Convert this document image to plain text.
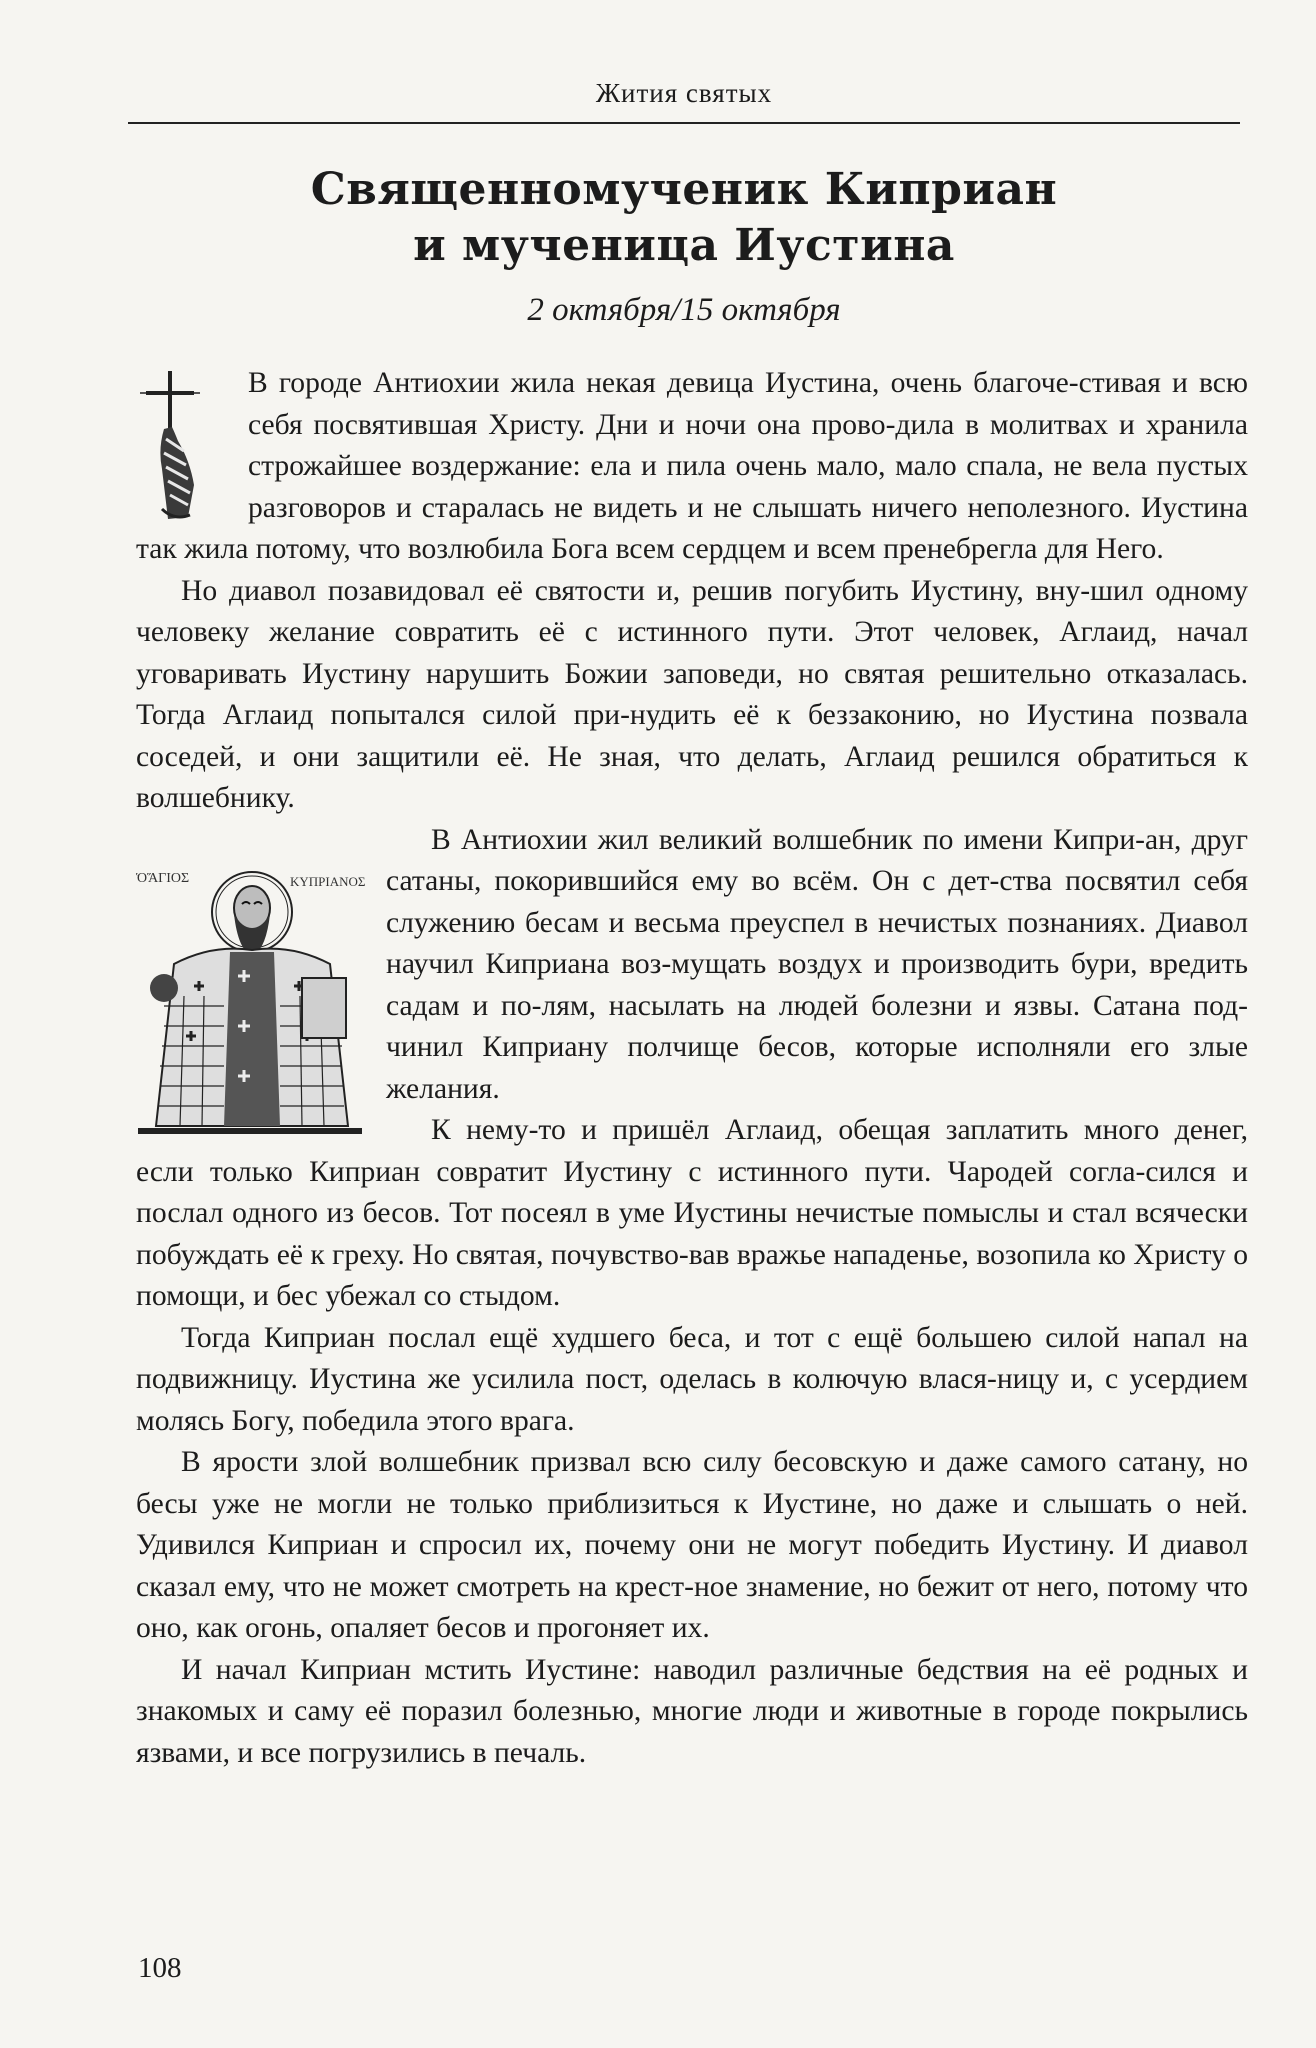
Жития святых
Священномученик Киприан
и мученица Иустина
2 октября/15 октября

В городе Антиохии жила некая девица Иустина, очень благоче-стивая и всю себя посвятившая Христу. Дни и ночи она прово-дила в молитвах и хранила строжайшее воздержание: ела и пила очень мало, мало спала, не вела пустых разговоров и старалась не видеть и не слышать ничего неполезного. Иустина так жила потому, что возлюбила Бога всем сердцем и всем пренебрегла для Него.

Но диавол позавидовал её святости и, решив погубить Иустину, вну-шил одному человеку желание совратить её с истинного пути. Этот человек, Аглаид, начал уговаривать Иустину нарушить Божии заповеди, но святая решительно отказалась. Тогда Аглаид попытался силой при-нудить её к беззаконию, но Иустина позвала соседей, и они защитили её. Не зная, что делать, Аглаид решился обратиться к волшебнику.

ὉἍΓΙΟΣ	ΚΥΠΡΙΑΝΟΣ

В Антиохии жил великий волшебник по имени Кипри-ан, друг сатаны, покорившийся ему во всём. Он с дет-ства посвятил себя служению бесам и весьма преуспел в нечистых познаниях. Диавол научил Киприана воз-мущать воздух и производить бури, вредить садам и по-лям, насылать на людей болезни и язвы. Сатана под-чинил Киприану полчище бесов, которые исполняли его злые желания.

К нему-то и пришёл Аглаид, обещая заплатить много денег, если только Киприан совратит Иустину с истинного пути. Чародей согла-сился и послал одного из бесов. Тот посеял в уме Иустины нечистые помыслы и стал всячески побуждать её к греху. Но святая, почувство-вав вражье нападенье, возопила ко Христу о помощи, и бес убежал со стыдом.

Тогда Киприан послал ещё худшего беса, и тот с ещё большею силой напал на подвижницу. Иустина же усилила пост, оделась в колючую влася-ницу и, с усердием молясь Богу, победила этого врага.

В ярости злой волшебник призвал всю силу бесовскую и даже самого сатану, но бесы уже не могли не только приблизиться к Иустине, но даже и слышать о ней. Удивился Киприан и спросил их, почему они не могут победить Иустину. И диавол сказал ему, что не может смотреть на крест-ное знамение, но бежит от него, потому что оно, как огонь, опаляет бесов и прогоняет их.

И начал Киприан мстить Иустине: наводил различные бедствия на её родных и знакомых и саму её поразил болезнью, многие люди и животные в городе покрылись язвами, и все погрузились в печаль.

108
